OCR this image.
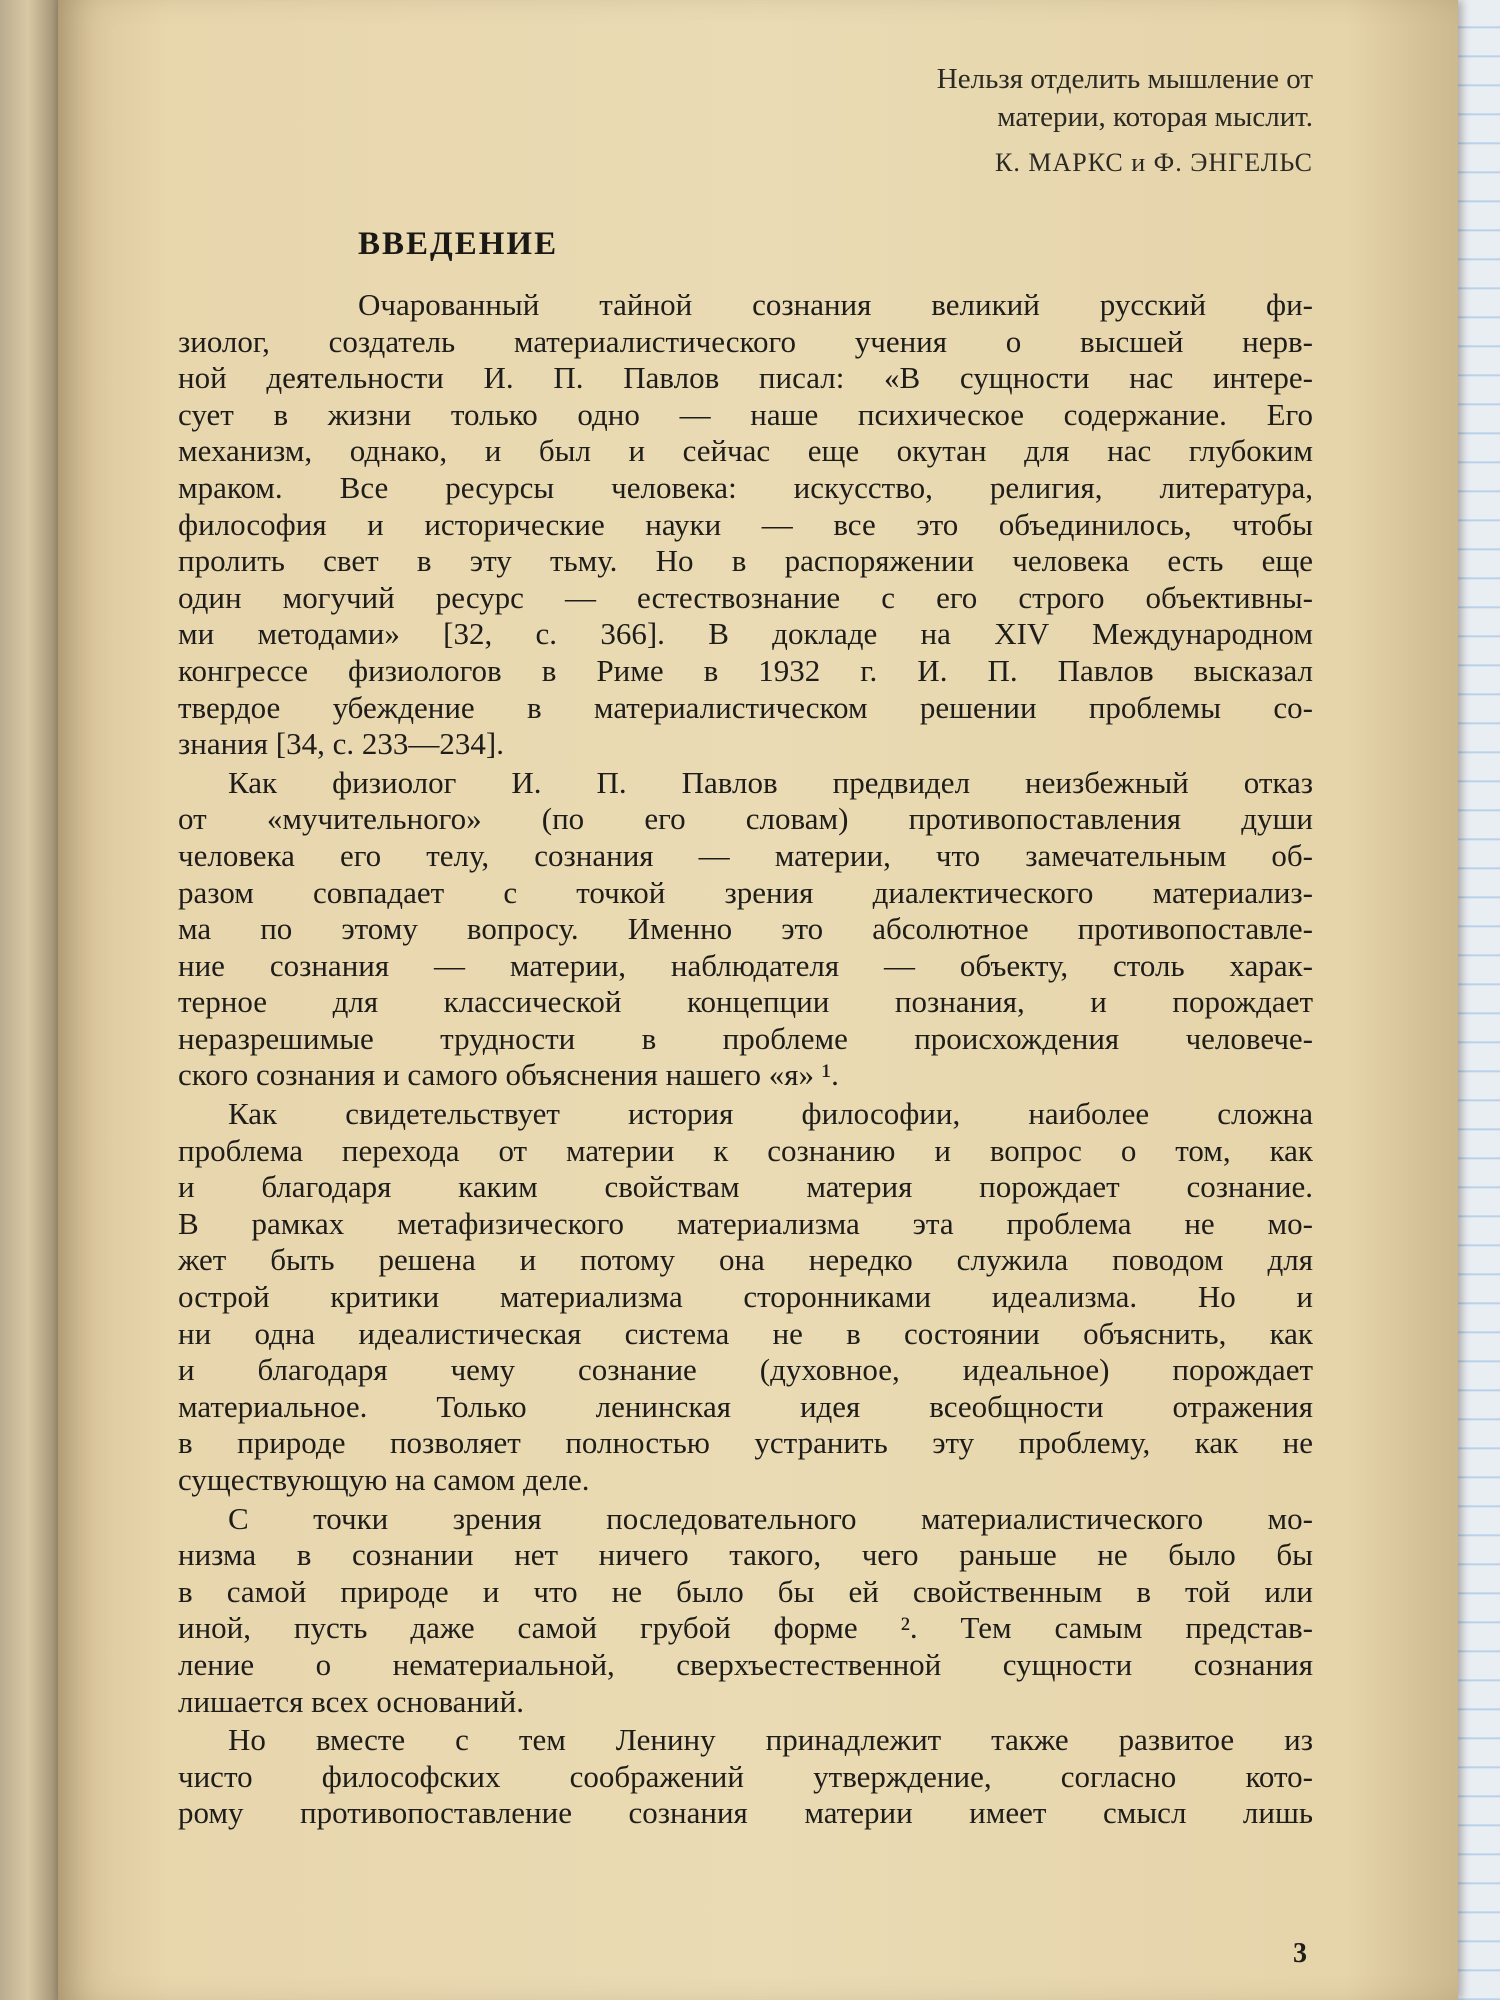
Нельзя отделить мышление от
материи, которая мыслит.
К. МАРКС и Ф. ЭНГЕЛЬС
ВВЕДЕНИЕ
Очарованный тайной сознания великий русский фи-
зиолог, создатель материалистического учения о высшей нерв-
ной деятельности И. П. Павлов писал: «В сущности нас интере-
сует в жизни только одно — наше психическое содержание. Его
механизм, однако, и был и сейчас еще окутан для нас глубоким
мраком. Все ресурсы человека: искусство, религия, литература,
философия и исторические науки — все это объединилось, чтобы
пролить свет в эту тьму. Но в распоряжении человека есть еще
один могучий ресурс — естествознание с его строго объективны-
ми методами» [32, с. 366]. В докладе на XIV Международном
конгрессе физиологов в Риме в 1932 г. И. П. Павлов высказал
твердое убеждение в материалистическом решении проблемы со-
знания [34, с. 233—234].
Как физиолог И. П. Павлов предвидел неизбежный отказ
от «мучительного» (по его словам) противопоставления души
человека его телу, сознания — материи, что замечательным об-
разом совпадает с точкой зрения диалектического материализ-
ма по этому вопросу. Именно это абсолютное противопоставле-
ние сознания — материи, наблюдателя — объекту, столь харак-
терное для классической концепции познания, и порождает
неразрешимые трудности в проблеме происхождения человече-
ского сознания и самого объяснения нашего «я» ¹.
Как свидетельствует история философии, наиболее сложна
проблема перехода от материи к сознанию и вопрос о том, как
и благодаря каким свойствам материя порождает сознание.
В рамках метафизического материализма эта проблема не мо-
жет быть решена и потому она нередко служила поводом для
острой критики материализма сторонниками идеализма. Но и
ни одна идеалистическая система не в состоянии объяснить, как
и благодаря чему сознание (духовное, идеальное) порождает
материальное. Только ленинская идея всеобщности отражения
в природе позволяет полностью устранить эту проблему, как не
существующую на самом деле.
С точки зрения последовательного материалистического мо-
низма в сознании нет ничего такого, чего раньше не было бы
в самой природе и что не было бы ей свойственным в той или
иной, пусть даже самой грубой форме ². Тем самым представ-
ление о нематериальной, сверхъестественной сущности сознания
лишается всех оснований.
Но вместе с тем Ленину принадлежит также развитое из
чисто философских соображений утверждение, согласно кото-
рому противопоставление сознания материи имеет смысл лишь
3
